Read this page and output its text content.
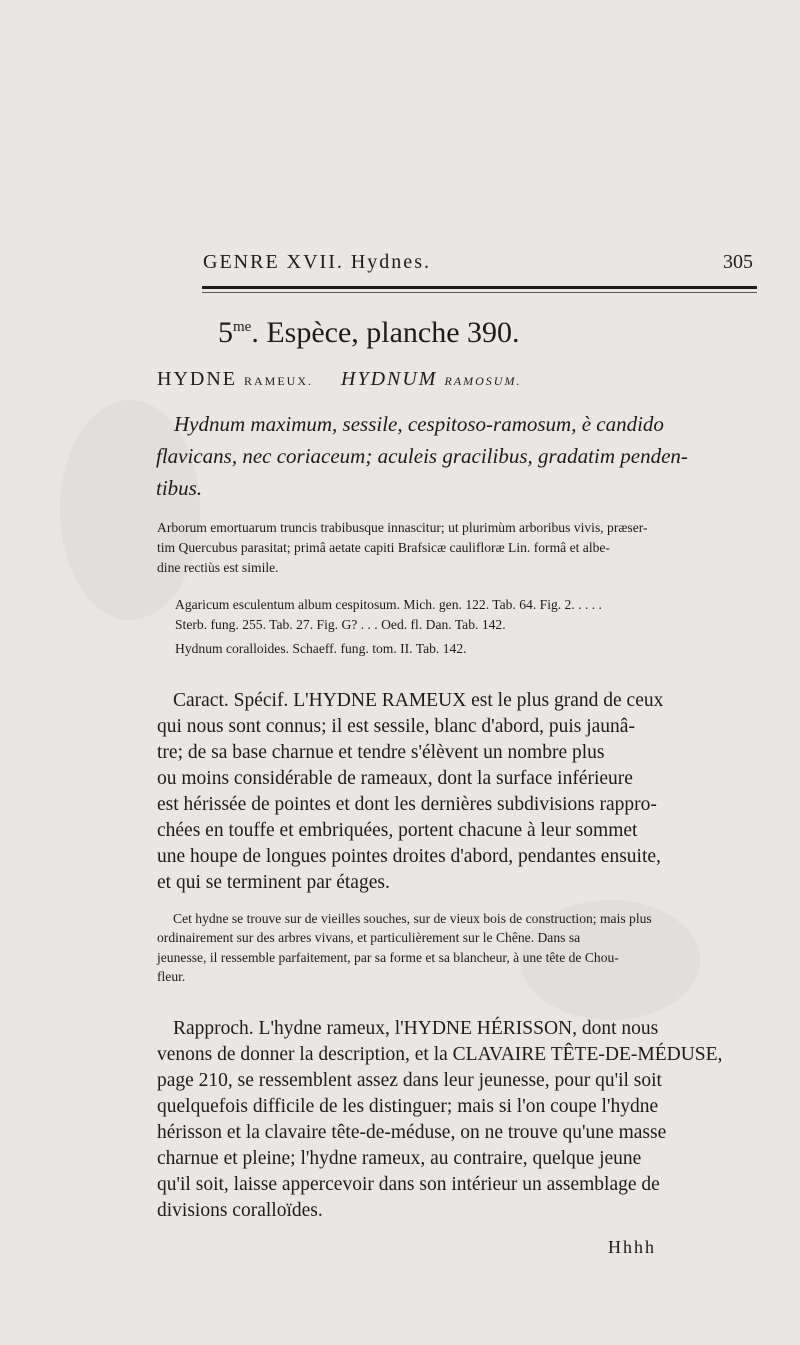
GENRE XVII. Hydnes.	305
$5^{me}$. Espèce, planche 390.
HYDNE RAMEUX. HYDNUM RAMOSUM.
Hydnum maximum, sessile, cespitoso-ramosum, è candido
flavicans, nec coriaceum; aculeis gracilibus, gradatim penden-
tibus.
Arborum emortuarum truncis trabibusque innascitur; ut plurimùm arboribus vivis, præser-
tim Quercubus parasitat; primâ aetate capiti Brafsicæ cauliflor⁠æ Lin. formâ et albe-
dine rectiùs est simile.
Agaricum esculentum album cespitosum. Mich. gen. 122. Tab. 64. Fig. 2. . . . .
Sterb. fung. 255. Tab. 27. Fig. G? . . . Oed. fl. Dan. Tab. 142.
Hydnum coralloides. Schaeff. fung. tom. II. Tab. 142.
Caract. Spécif. L'HYDNE RAMEUX est le plus grand de ceux
qui nous sont connus; il est sessile, blanc d'abord, puis jaunâ-
tre; de sa base charnue et tendre s'élèvent un nombre plus
ou moins considérable de rameaux, dont la surface inférieure
est hérissée de pointes et dont les dernières subdivisions rappro-
chées en touffe et embriquées, portent chacune à leur sommet
une houpe de longues pointes droites d'abord, pendantes ensuite,
et qui se terminent par étages.
Cet hydne se trouve sur de vieilles souches, sur de vieux bois de construction; mais plus
ordinairement sur des arbres vivans, et particulièrement sur le Chêne. Dans sa
jeunesse, il ressemble parfaitement, par sa forme et sa blancheur, à une tête de Chou-
fleur.
Rapproch. L'hydne rameux, l'HYDNE HÉRISSON, dont nous
venons de donner la description, et la CLAVAIRE TÊTE-DE-MÉDUSE,
page 210, se ressemblent assez dans leur jeunesse, pour qu'il soit
quelquefois difficile de les distinguer; mais si l'on coupe l'hydne
hérisson et la clavaire tête-de-méduse, on ne trouve qu'une masse
charnue et pleine; l'hydne rameux, au contraire, quelque jeune
qu'il soit, laisse appercevoir dans son intérieur un assemblage de
divisions coralloïdes.
Hhhh
